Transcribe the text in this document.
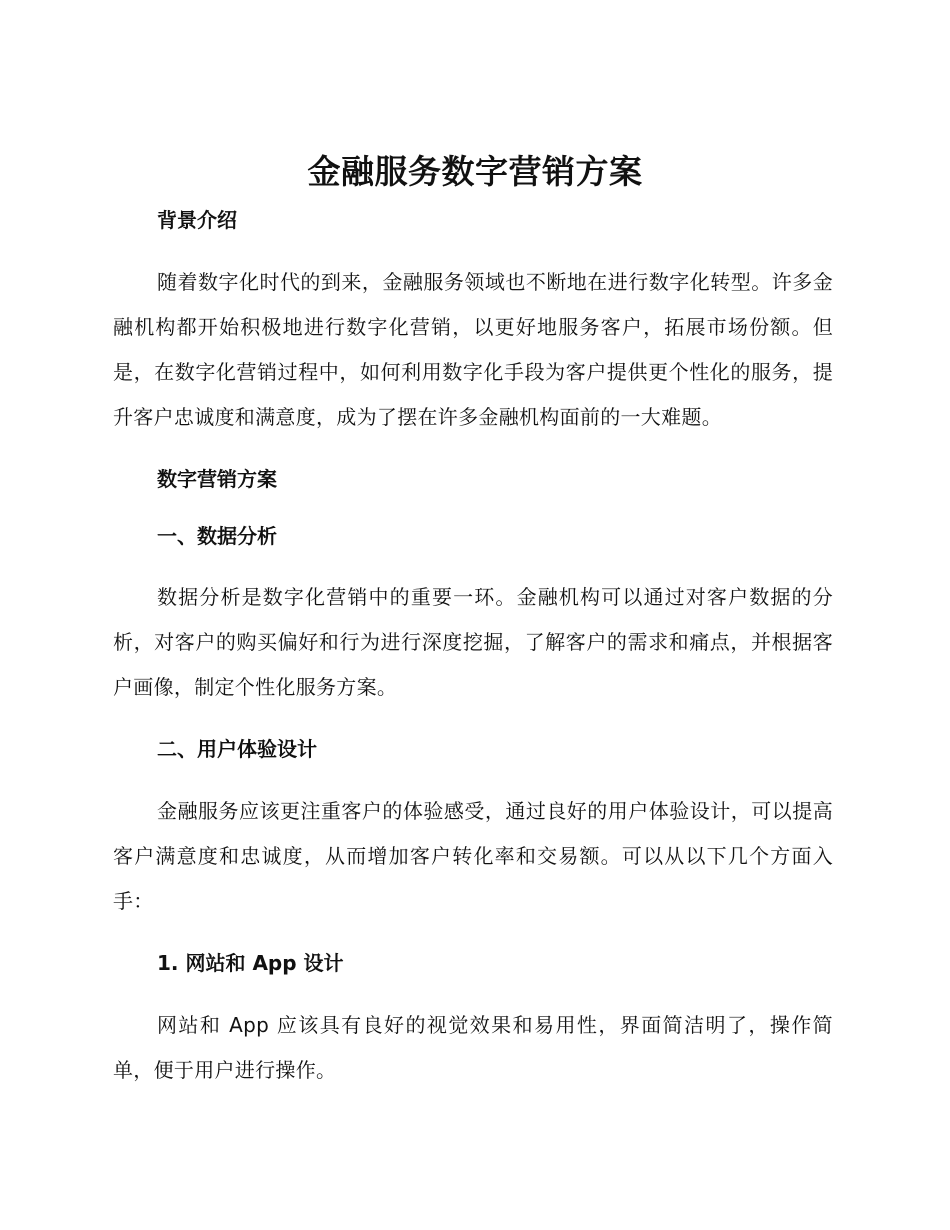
金融服务数字营销方案
背景介绍
随着数字化时代的到来，金融服务领域也不断地在进行数字化转型。许多金融机构都开始积极地进行数字化营销，以更好地服务客户，拓展市场份额。但是，在数字化营销过程中，如何利用数字化手段为客户提供更个性化的服务，提升客户忠诚度和满意度，成为了摆在许多金融机构面前的一大难题。
数字营销方案
一、数据分析
数据分析是数字化营销中的重要一环。金融机构可以通过对客户数据的分析，对客户的购买偏好和行为进行深度挖掘，了解客户的需求和痛点，并根据客户画像，制定个性化服务方案。
二、用户体验设计
金融服务应该更注重客户的体验感受，通过良好的用户体验设计，可以提高客户满意度和忠诚度，从而增加客户转化率和交易额。可以从以下几个方面入手：
1. 网站和 App 设计
网站和 App 应该具有良好的视觉效果和易用性，界面简洁明了，操作简单，便于用户进行操作。
